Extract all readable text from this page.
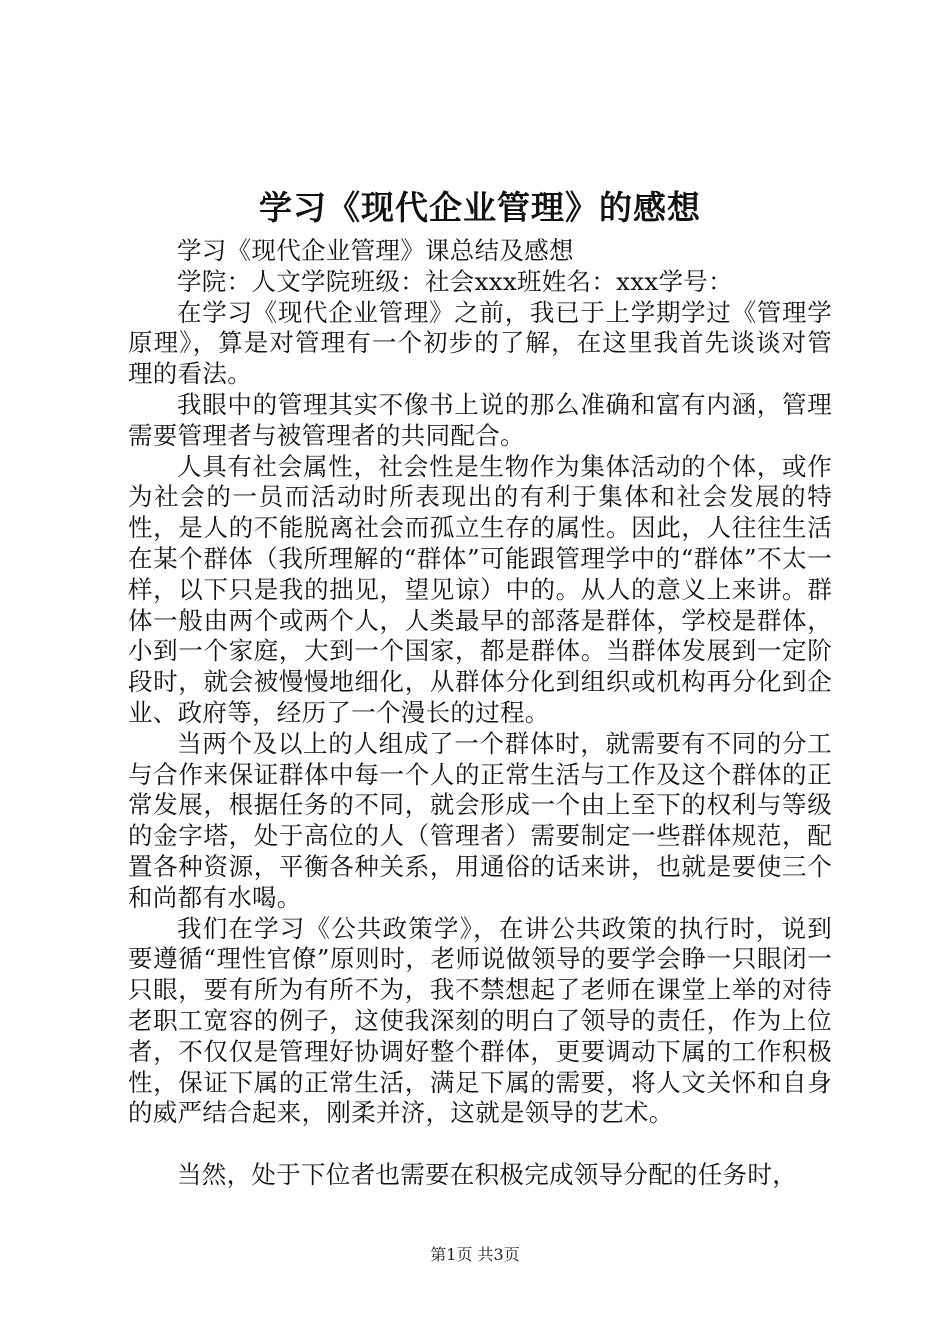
学习《现代企业管理》的感想

学习《现代企业管理》课总结及感想

学院：人文学院班级：社会xxx班姓名：xxx学号：

在学习《现代企业管理》之前，我已于上学期学过《管理学原理》，算是对管理有一个初步的了解，在这里我首先谈谈对管理的看法。

我眼中的管理其实不像书上说的那么准确和富有内涵，管理需要管理者与被管理者的共同配合。

人具有社会属性，社会性是生物作为集体活动的个体，或作为社会的一员而活动时所表现出的有利于集体和社会发展的特性，是人的不能脱离社会而孤立生存的属性。因此，人往往生活在某个群体（我所理解的“群体”可能跟管理学中的“群体”不太一样，以下只是我的拙见，望见谅）中的。从人的意义上来讲。群体一般由两个或两个人，人类最早的部落是群体，学校是群体，小到一个家庭，大到一个国家，都是群体。当群体发展到一定阶段时，就会被慢慢地细化，从群体分化到组织或机构再分化到企业、政府等，经历了一个漫长的过程。

当两个及以上的人组成了一个群体时，就需要有不同的分工与合作来保证群体中每一个人的正常生活与工作及这个群体的正常发展，根据任务的不同，就会形成一个由上至下的权利与等级的金字塔，处于高位的人（管理者）需要制定一些群体规范，配置各种资源，平衡各种关系，用通俗的话来讲，也就是要使三个和尚都有水喝。

我们在学习《公共政策学》，在讲公共政策的执行时，说到要遵循“理性官僚”原则时，老师说做领导的要学会睁一只眼闭一只眼，要有所为有所不为，我不禁想起了老师在课堂上举的对待老职工宽容的例子，这使我深刻的明白了领导的责任，作为上位者，不仅仅是管理好协调好整个群体，更要调动下属的工作积极性，保证下属的正常生活，满足下属的需要，将人文关怀和自身的威严结合起来，刚柔并济，这就是领导的艺术。

当然，处于下位者也需要在积极完成领导分配的任务时，

第1页 共3页
